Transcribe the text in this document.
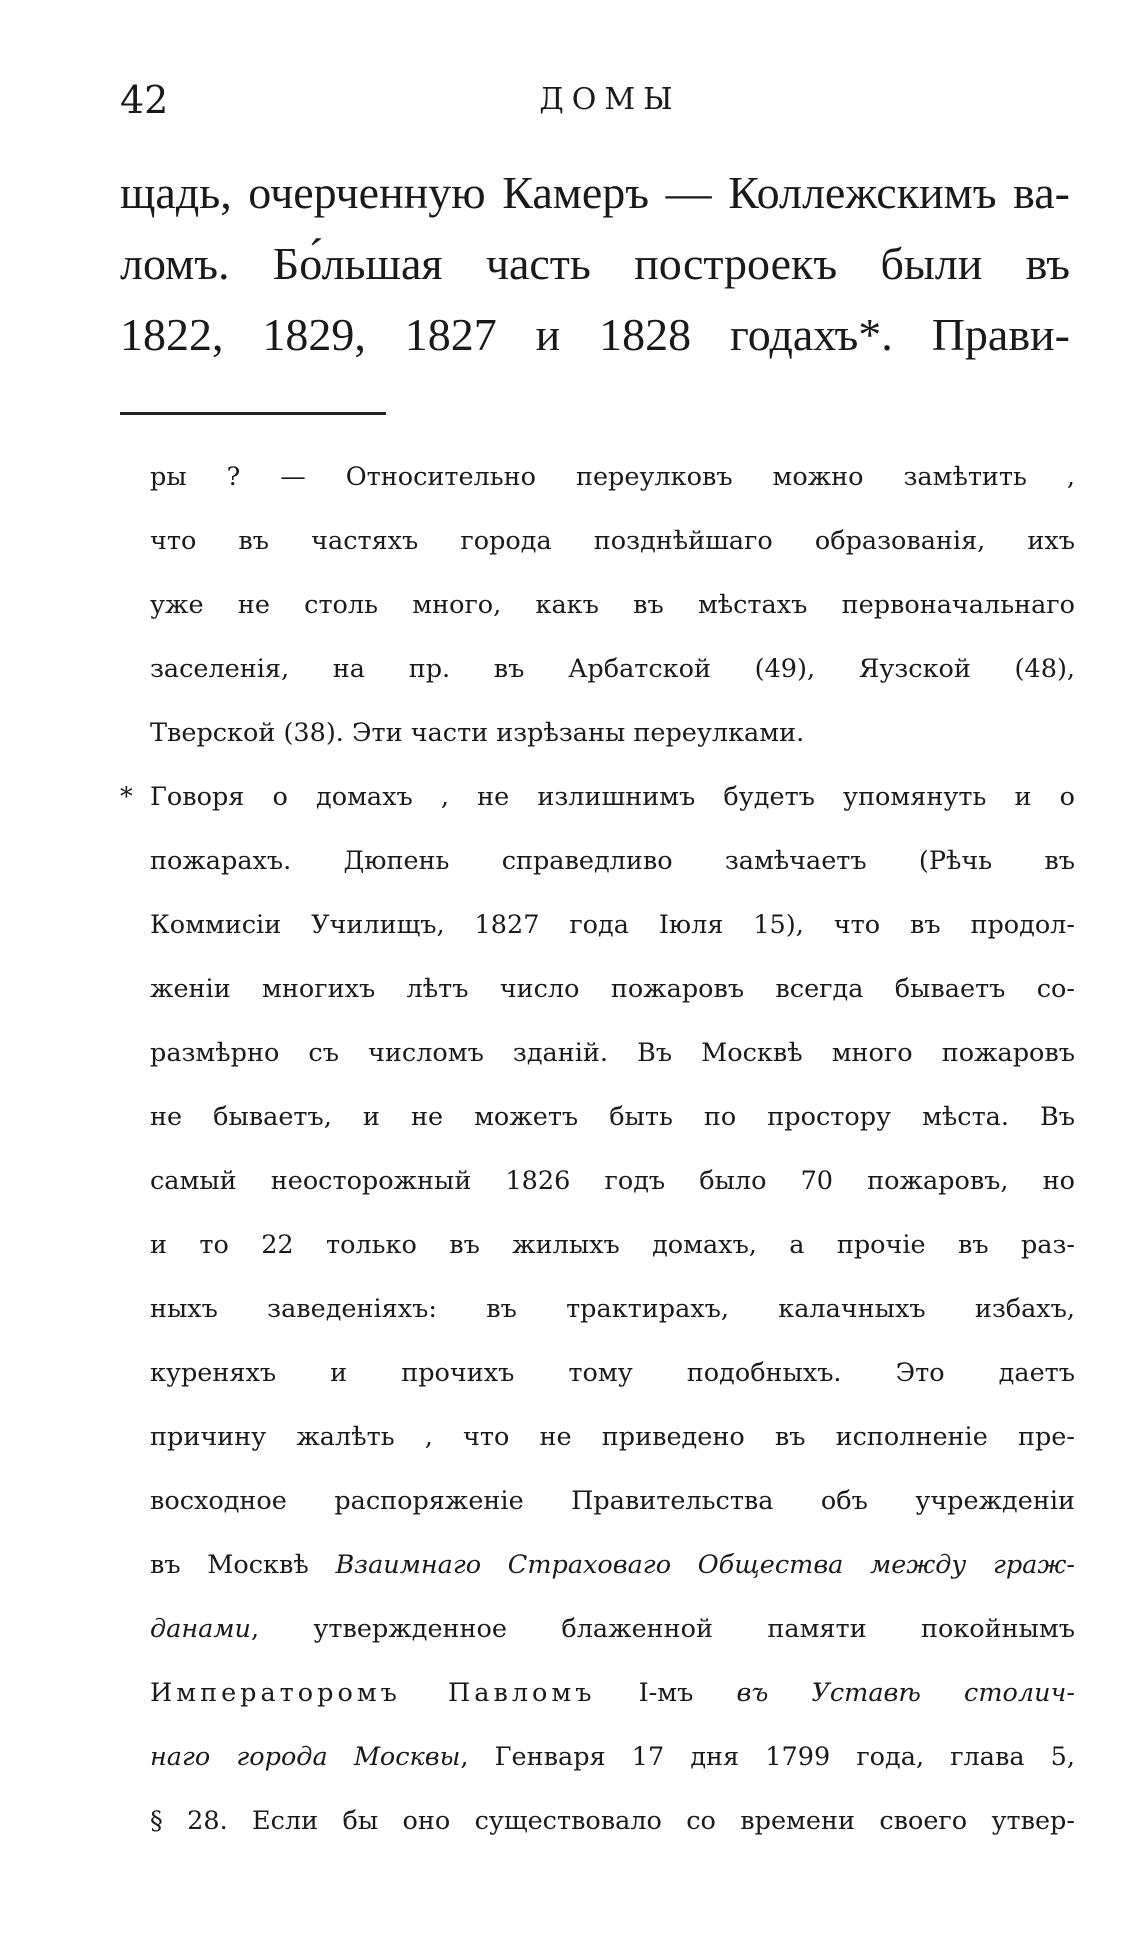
42	ДОМЫ
щадь, очерченную Камеръ — Коллежскимъ ва-
ломъ. Бо́льшая часть построекъ были въ
1822, 1829, 1827 и 1828 годахъ*. Прави-
ры ? — Относительно переулковъ можно замѣтить ,
что въ частяхъ города позднѣйшаго образованія, ихъ
уже не столь много, какъ въ мѣстахъ первоначальнаго
заселенія, на пр. въ Арбатской (49), Яузской (48),
Тверской (38). Эти части изрѣзаны переулками.
* Говоря о домахъ , не излишнимъ будетъ упомянуть и о
пожарахъ. Дюпень справедливо замѣчаетъ (Рѣчь въ
Коммисіи Училищъ, 1827 года Іюля 15), что въ продол-
женіи многихъ лѣтъ число пожаровъ всегда бываетъ со-
размѣрно съ числомъ зданій. Въ Москвѣ много пожаровъ
не бываетъ, и не можетъ быть по простору мѣста. Въ
самый неосторожный 1826 годъ было 70 пожаровъ, но
и то 22 только въ жилыхъ домахъ, а прочіе въ раз-
ныхъ заведеніяхъ: въ трактирахъ, калачныхъ избахъ,
куреняхъ и прочихъ тому подобныхъ. Это даетъ
причину жалѣть , что не приведено въ исполненіе пре-
восходное распоряженіе Правительства объ учрежденіи
въ Москвѣ Взаимнаго Страховаго Общества между граж-
данами, утвержденное блаженной памяти покойнымъ
Императоромъ Павломъ І-мъ въ Уставѣ столич-
наго города Москвы, Генваря 17 дня 1799 года, глава 5,
§ 28. Если бы оно существовало со времени своего утвер-
